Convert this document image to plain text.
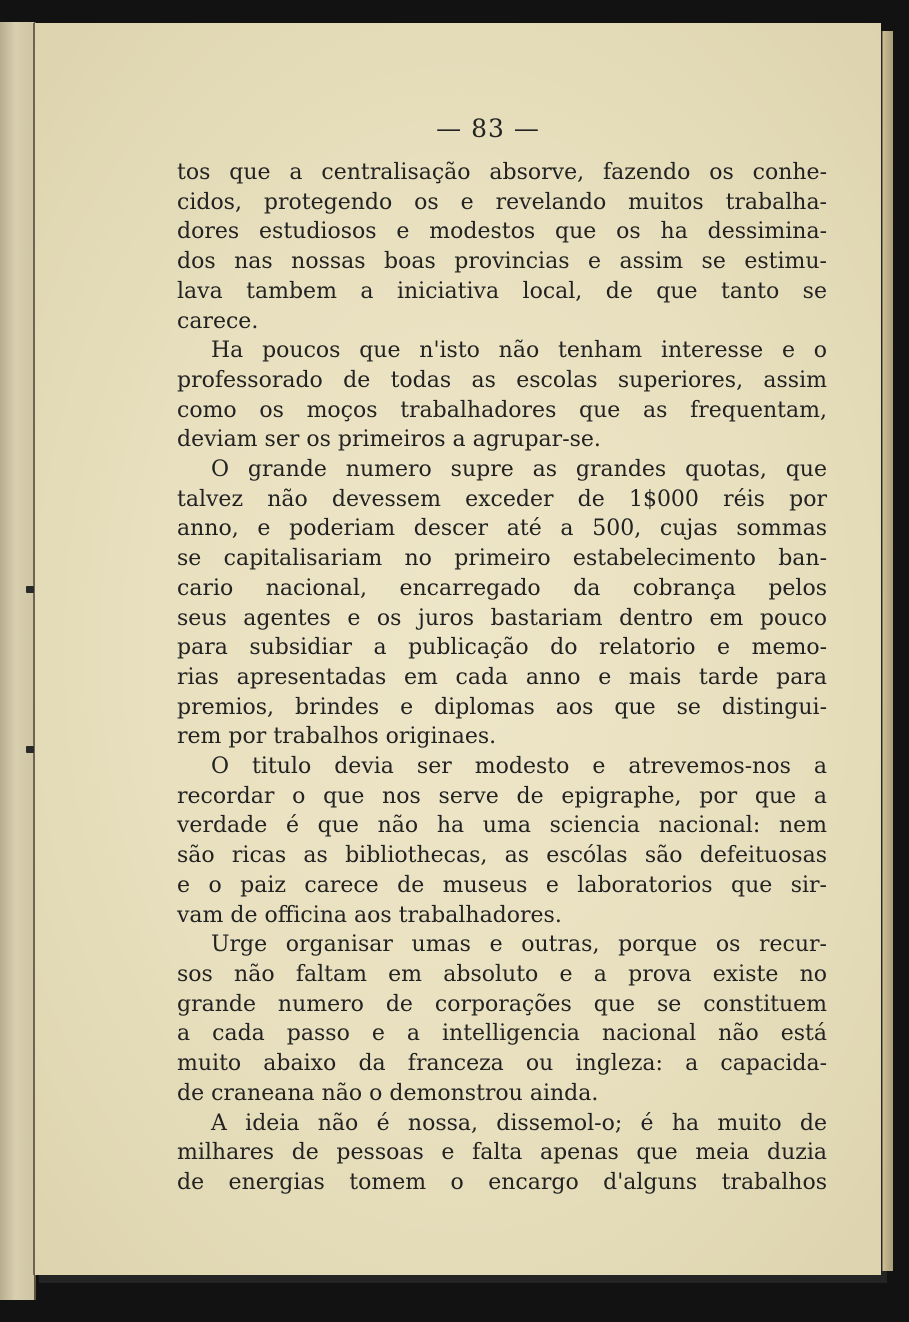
— 83 —
tos que a centralisação absorve, fazendo os conhe-
cidos, protegendo os e revelando muitos trabalha-
dores estudiosos e modestos que os ha dessimina-
dos nas nossas boas provincias e assim se estimu-
lava tambem a iniciativa local, de que tanto se
carece.
Ha poucos que n'isto não tenham interesse e o
professorado de todas as escolas superiores, assim
como os moços trabalhadores que as frequentam,
deviam ser os primeiros a agrupar-se.
O grande numero supre as grandes quotas, que
talvez não devessem exceder de 1$000 réis por
anno, e poderiam descer até a 500, cujas sommas
se capitalisariam no primeiro estabelecimento ban-
cario nacional, encarregado da cobrança pelos
seus agentes e os juros bastariam dentro em pouco
para subsidiar a publicação do relatorio e memo-
rias apresentadas em cada anno e mais tarde para
premios, brindes e diplomas aos que se distingui-
rem por trabalhos originaes.
O titulo devia ser modesto e atrevemos-nos a
recordar o que nos serve de epigraphe, por que a
verdade é que não ha uma sciencia nacional: nem
são ricas as bibliothecas, as escólas são defeituosas
e o paiz carece de museus e laboratorios que sir-
vam de officina aos trabalhadores.
Urge organisar umas e outras, porque os recur-
sos não faltam em absoluto e a prova existe no
grande numero de corporações que se constituem
a cada passo e a intelligencia nacional não está
muito abaixo da franceza ou ingleza: a capacida-
de craneana não o demonstrou ainda.
A ideia não é nossa, dissemol-o; é ha muito de
milhares de pessoas e falta apenas que meia duzia
de energias tomem o encargo d'alguns trabalhos
